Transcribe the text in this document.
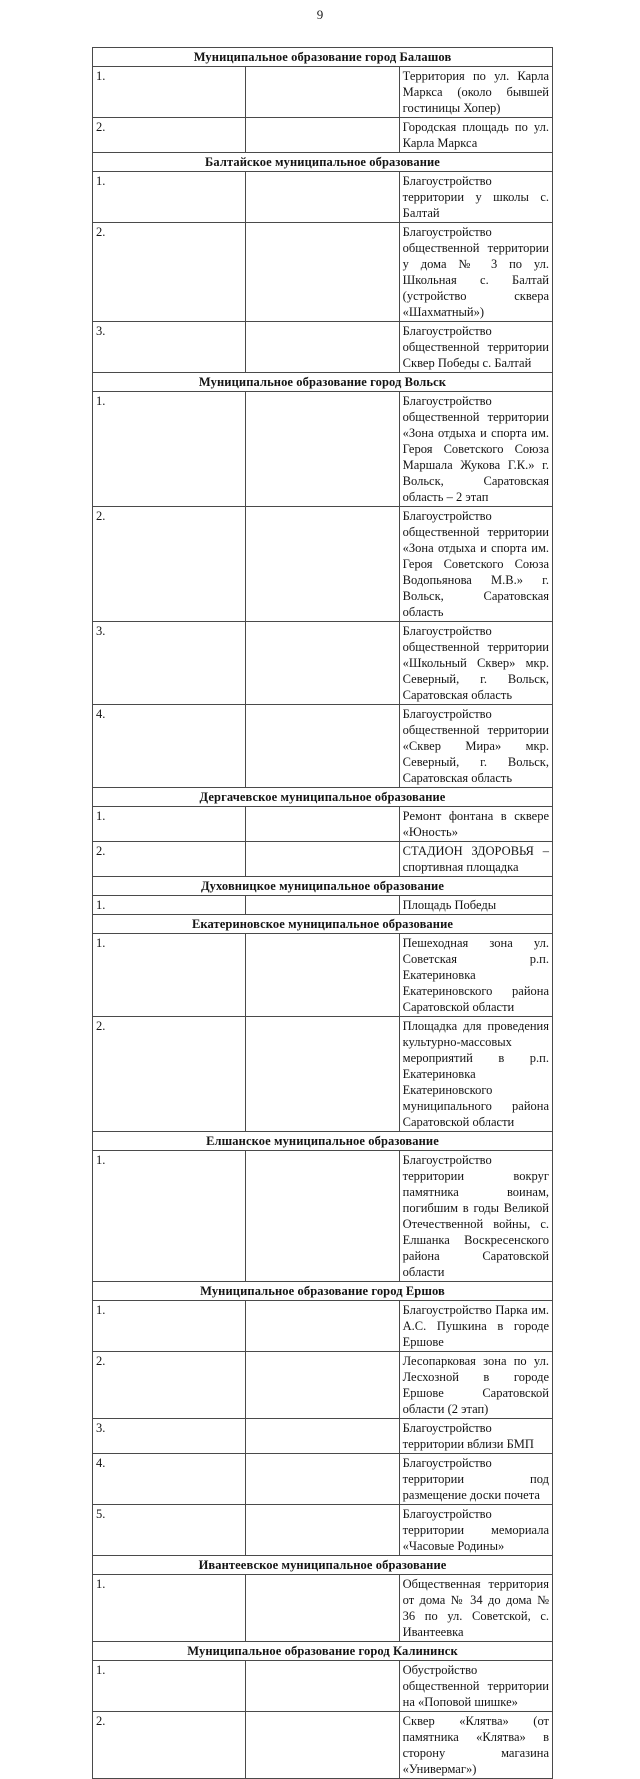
9
Муниципальное образование город Балашов		
1.		Территория по ул. Карла Маркса (около бывшей гостиницы Хопер)
2.		Городская площадь по ул. Карла Маркса
Балтайское муниципальное образование		
1.		Благоустройство территории у школы с. Балтай
2.		Благоустройство общественной территории у дома № 3 по ул. Школьная с. Балтай (устройство сквера «Шахматный»)
3.		Благоустройство общественной территории Сквер Победы с. Балтай
Муниципальное образование город Вольск		
1.		Благоустройство общественной территории «Зона отдыха и спорта им. Героя Советского Союза Маршала Жукова Г.К.» г. Вольск, Саратовская область – 2 этап
2.		Благоустройство общественной территории «Зона отдыха и спорта им. Героя Советского Союза Водопьянова М.В.» г. Вольск, Саратовская область
3.		Благоустройство общественной территории «Школьный Сквер» мкр. Северный, г. Вольск, Саратовская область
4.		Благоустройство общественной территории «Сквер Мира» мкр. Северный, г. Вольск, Саратовская область
Дергачевское муниципальное образование		
1.		Ремонт фонтана в сквере «Юность»
2.		СТАДИОН ЗДОРОВЬЯ – спортивная площадка
Духовницкое муниципальное образование		
1.		Площадь Победы
Екатериновское муниципальное образование		
1.		Пешеходная зона ул. Советская р.п. Екатериновка Екатериновского района Саратовской области
2.		Площадка для проведения культурно-массовых мероприятий в р.п. Екатериновка Екатериновского муниципального района Саратовской области
Елшанское муниципальное образование		
1.		Благоустройство территории вокруг памятника воинам, погибшим в годы Великой Отечественной войны, с. Елшанка Воскресенского района Саратовской области
Муниципальное образование город Ершов		
1.		Благоустройство Парка им. А.С. Пушкина в городе Ершове
2.		Лесопарковая зона по ул. Лесхозной в городе Ершове Саратовской области (2 этап)
3.		Благоустройство территории вблизи БМП
4.		Благоустройство территории под размещение доски почета
5.		Благоустройство территории мемориала «Часовые Родины»
Ивантеевское муниципальное образование		
1.		Общественная территория от дома № 34 до дома № 36 по ул. Советской, с. Ивантеевка
Муниципальное образование город Калининск		
1.		Обустройство общественной территории на «Поповой шишке»
2.		Сквер «Клятва» (от памятника «Клятва» в сторону магазина «Универмаг»)
